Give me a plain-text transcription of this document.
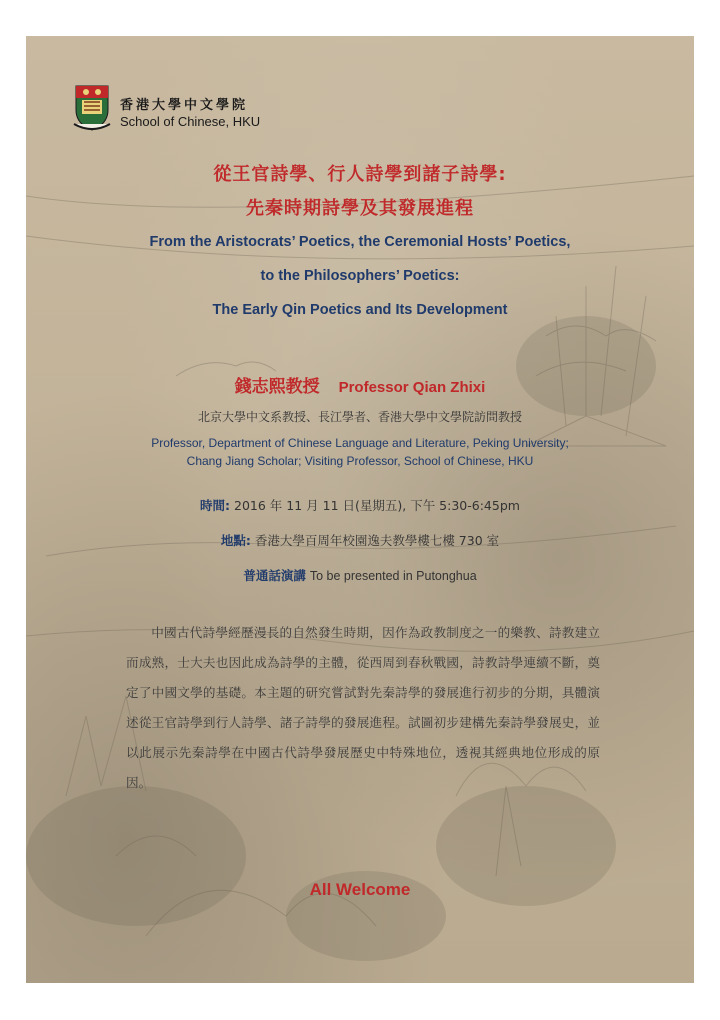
香港大學中文學院
School of Chinese, HKU
從王官詩學、行人詩學到諸子詩學:
先秦時期詩學及其發展進程
From the Aristocrats’ Poetics, the Ceremonial Hosts’ Poetics,
to the Philosophers’ Poetics:
The Early Qin Poetics and Its Development
錢志熙教授 Professor Qian Zhixi
北京大學中文系教授、長江學者、香港大學中文學院訪問教授
Professor, Department of Chinese Language and Literature, Peking University;
Chang Jiang Scholar; Visiting Professor, School of Chinese, HKU
時間: 2016 年 11 月 11 日(星期五), 下午 5:30-6:45pm
地點: 香港大學百周年校園逸夫教學樓七樓 730 室
普通話演講 To be presented in Putonghua
中國古代詩學經歷漫長的自然發生時期，因作為政教制度之一的樂教、詩教建立而成熟，士大夫也因此成為詩學的主體，從西周到春秋戰國，詩教詩學連續不斷，奠定了中國文學的基礎。本主題的研究嘗試對先秦詩學的發展進行初步的分期，具體演述從王官詩學到行人詩學、諸子詩學的發展進程。試圖初步建構先秦詩學發展史，並以此展示先秦詩學在中國古代詩學發展歷史中特殊地位，透視其經典地位形成的原因。
All Welcome
